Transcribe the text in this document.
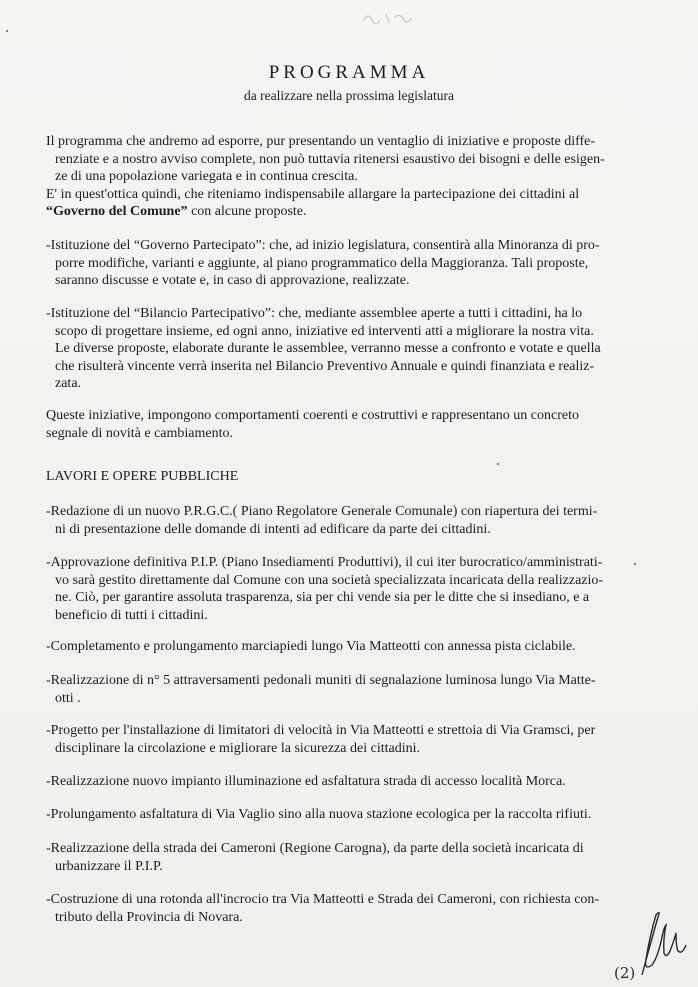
PROGRAMMA
da realizzare nella prossima legislatura
Il programma che andremo ad esporre, pur presentando un ventaglio di iniziative e proposte diffe-
renziate e a nostro avviso complete, non può tuttavia ritenersi esaustivo dei bisogni e delle esigen-
ze di una popolazione variegata e in continua crescita.
E' in quest'ottica quindi, che riteniamo indispensabile allargare la partecipazione dei cittadini al
“Governo del Comune” con alcune proposte.
-Istituzione del “Governo Partecipato”: che, ad inizio legislatura, consentirà alla Minoranza di pro-
porre modifiche, varianti e aggiunte, al piano programmatico della Maggioranza. Tali proposte,
saranno discusse e votate e, in caso di approvazione, realizzate.
-Istituzione del “Bilancio Partecipativo”: che, mediante assemblee aperte a tutti i cittadini, ha lo
scopo di progettare insieme, ed ogni anno, iniziative ed interventi atti a migliorare la nostra vita.
Le diverse proposte, elaborate durante le assemblee, verranno messe a confronto e votate e quella
che risulterà vincente verrà inserita nel Bilancio Preventivo Annuale e quindi finanziata e realiz-
zata.
Queste iniziative, impongono comportamenti coerenti e costruttivi e rappresentano un concreto
segnale di novità e cambiamento.
LAVORI E OPERE PUBBLICHE
-Redazione di un nuovo P.R.G.C.( Piano Regolatore Generale Comunale) con riapertura dei termi-
ni di presentazione delle domande di intenti ad edificare da parte dei cittadini.
-Approvazione definitiva P.I.P. (Piano Insediamenti Produttivi), il cui iter burocratico/amministrati-
vo sarà gestito direttamente dal Comune con una società specializzata incaricata della realizzazio-
ne. Ciò, per garantire assoluta trasparenza, sia per chi vende sia per le ditte che si insediano, e a
beneficio di tutti i cittadini.
-Completamento e prolungamento marciapiedi lungo Via Matteotti con annessa pista ciclabile.
-Realizzazione di n° 5 attraversamenti pedonali muniti di segnalazione luminosa lungo Via Matte-
otti .
-Progetto per l'installazione di limitatori di velocità in Via Matteotti e strettoia di Via Gramsci, per
disciplinare la circolazione e migliorare la sicurezza dei cittadini.
-Realizzazione nuovo impianto illuminazione ed asfaltatura strada di accesso località Morca.
-Prolungamento asfaltatura di Via Vaglio sino alla nuova stazione ecologica per la raccolta rifiuti.
-Realizzazione della strada dei Cameroni (Regione Carogna), da parte della società incaricata di
urbanizzare il P.I.P.
-Costruzione di una rotonda all'incrocio tra Via Matteotti e Strada dei Cameroni, con richiesta con-
tributo della Provincia di Novara.
(2)
